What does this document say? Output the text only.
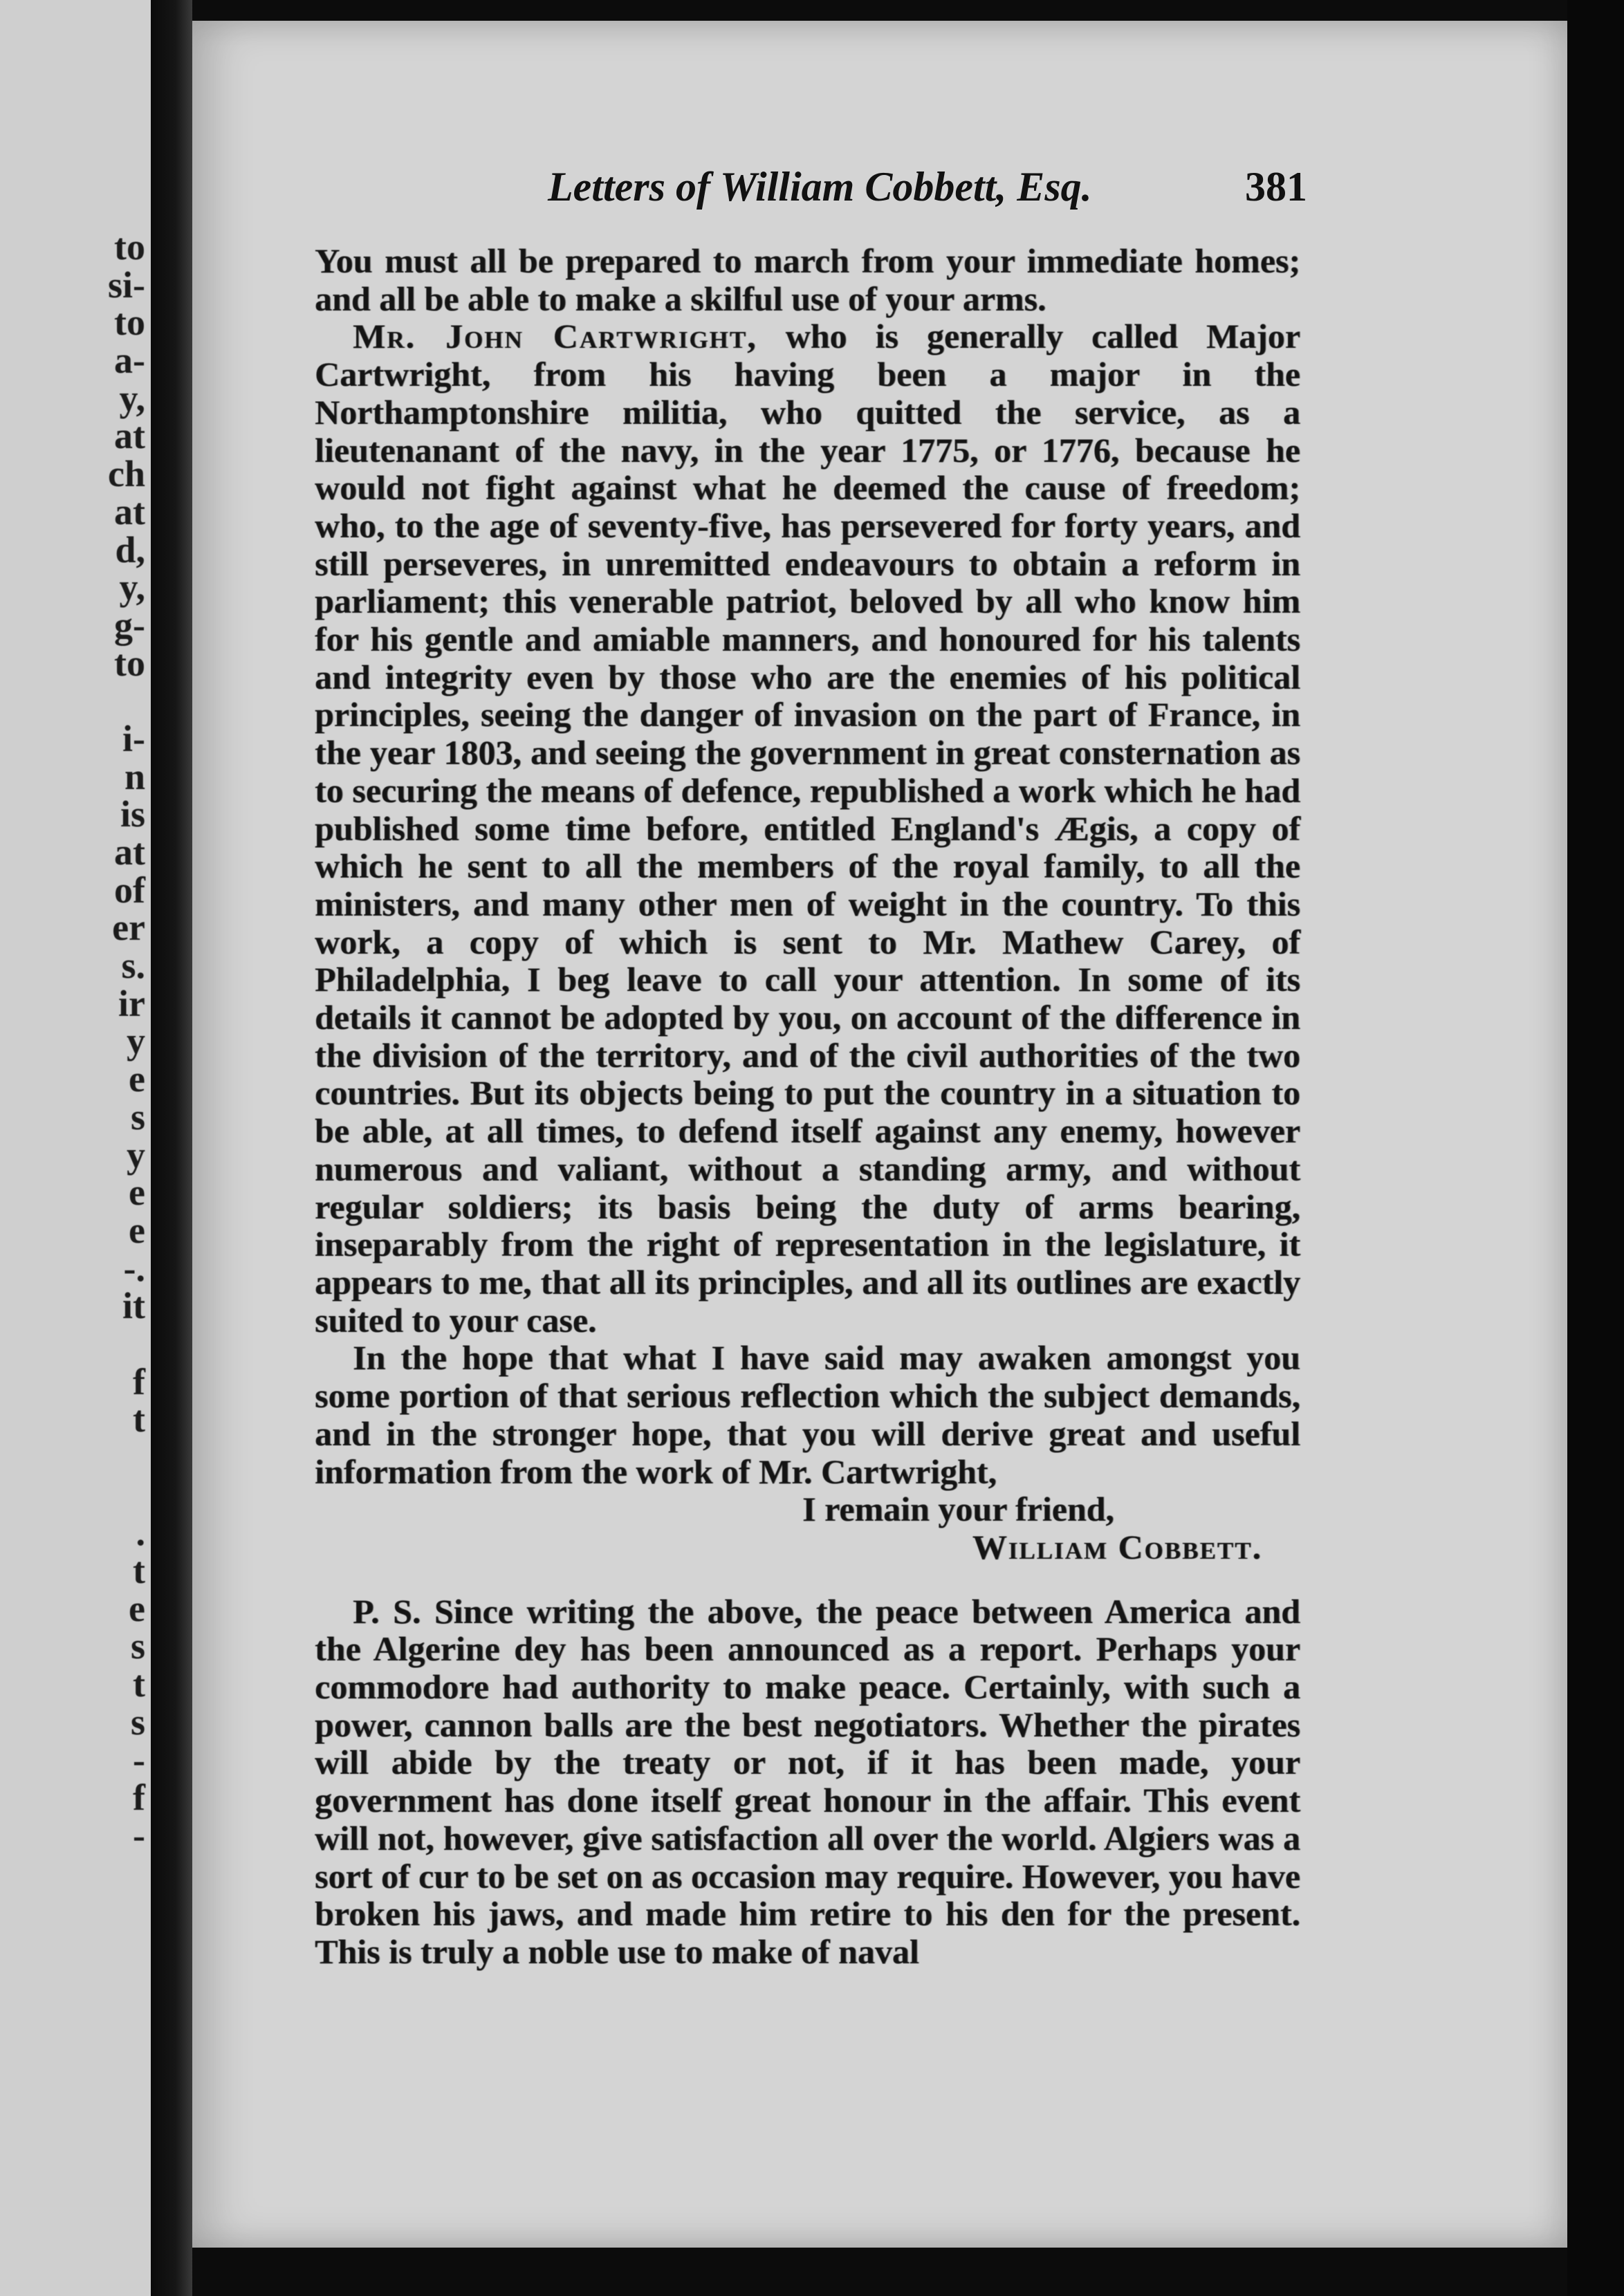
to
si-
to
a-
y,
at
ch
at
d,
y,
g-
to
i-
n
is
at
of
er
s.
ir
y
e
s
y
e
e
-.
it
f
t
.
t
e
s
t
s
-
f
-
Letters of William Cobbett, Esq.	381

You must all be prepared to march from your immediate homes; and all be able to make a skilful use of your arms.

Mr. John Cartwright, who is generally called Major Cartwright, from his having been a major in the Northamptonshire militia, who quitted the service, as a lieutenanant of the navy, in the year 1775, or 1776, because he would not fight against what he deemed the cause of freedom; who, to the age of seventy-five, has persevered for forty years, and still perseveres, in unremitted endeavours to obtain a reform in parliament; this venerable patriot, beloved by all who know him for his gentle and amiable manners, and honoured for his talents and integrity even by those who are the enemies of his political principles, seeing the danger of invasion on the part of France, in the year 1803, and seeing the government in great consternation as to securing the means of defence, republished a work which he had published some time before, entitled England's Ægis, a copy of which he sent to all the members of the royal family, to all the ministers, and many other men of weight in the country. To this work, a copy of which is sent to Mr. Mathew Carey, of Philadelphia, I beg leave to call your attention. In some of its details it cannot be adopted by you, on account of the difference in the division of the territory, and of the civil authorities of the two countries. But its objects being to put the country in a situation to be able, at all times, to defend itself against any enemy, however numerous and valiant, without a standing army, and without regular soldiers; its basis being the duty of arms bearing, inseparably from the right of representation in the legislature, it appears to me, that all its principles, and all its outlines are exactly suited to your case.

In the hope that what I have said may awaken amongst you some portion of that serious reflection which the subject demands, and in the stronger hope, that you will derive great and useful information from the work of Mr. Cartwright,

I remain your friend,

William Cobbett.

P. S. Since writing the above, the peace between America and the Algerine dey has been announced as a report. Perhaps your commodore had authority to make peace. Certainly, with such a power, cannon balls are the best negotiators. Whether the pirates will abide by the treaty or not, if it has been made, your government has done itself great honour in the affair. This event will not, however, give satisfaction all over the world. Algiers was a sort of cur to be set on as occasion may require. However, you have broken his jaws, and made him retire to his den for the present. This is truly a noble use to make of naval
